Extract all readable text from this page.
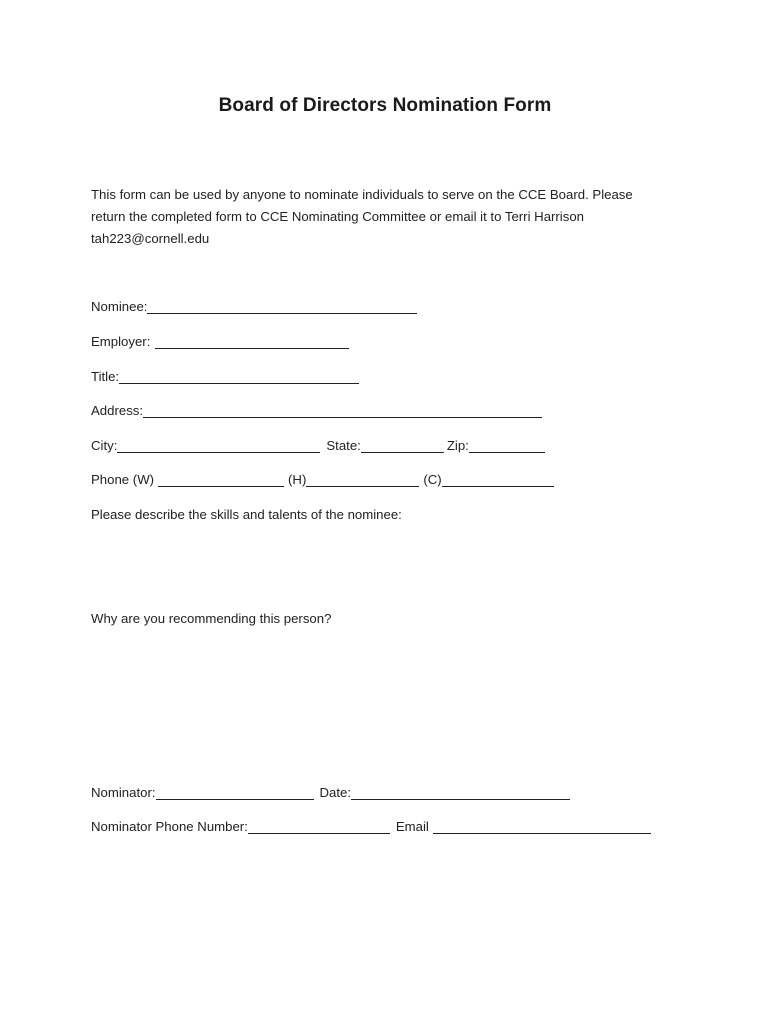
Board of Directors Nomination Form

This form can be used by anyone to nominate individuals to serve on the CCE Board. Please

return the completed form to CCE Nominating Committee or email it to Terri Harrison

tah223@cornell.edu

Nominee:
Employer:
Title:
Address:
City:	State:	Zip:
Phone (W)	(H)	(C)
Please describe the skills and talents of the nominee:
Why are you recommending this person?
Nominator:	Date:
Nominator Phone Number:	Email
